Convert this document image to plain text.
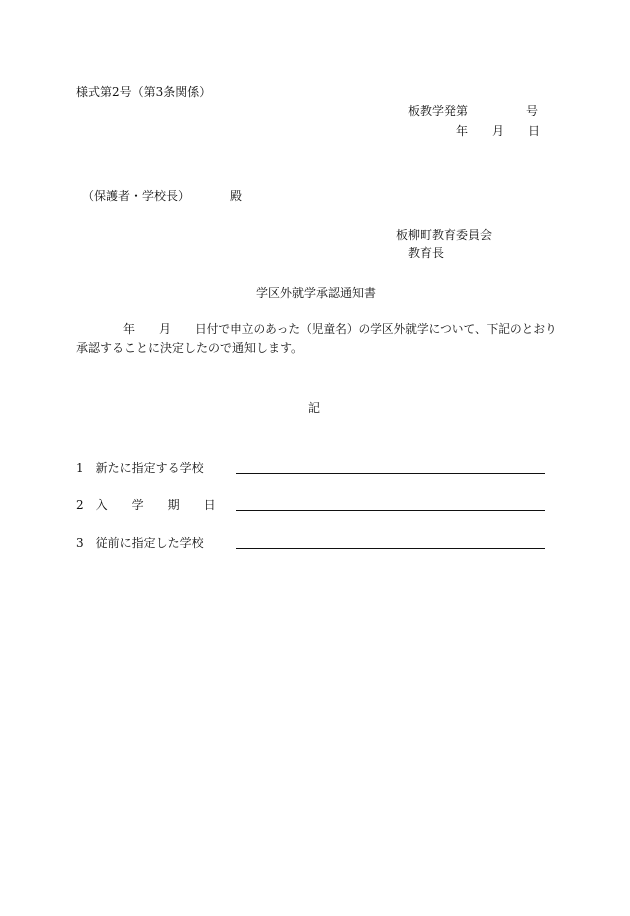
様式第2号（第3条関係）
板教学発第	号
年 月 日
（保護者・学校長）	殿
板柳町教育委員会
教育長
学区外就学承認通知書
年 月 日付で申立のあった（児童名）の学区外就学について、下記のとおり
承認することに決定したので通知します。
記
1　新たに指定する学校
2　入　　学　　期　　日
3　従前に指定した学校
